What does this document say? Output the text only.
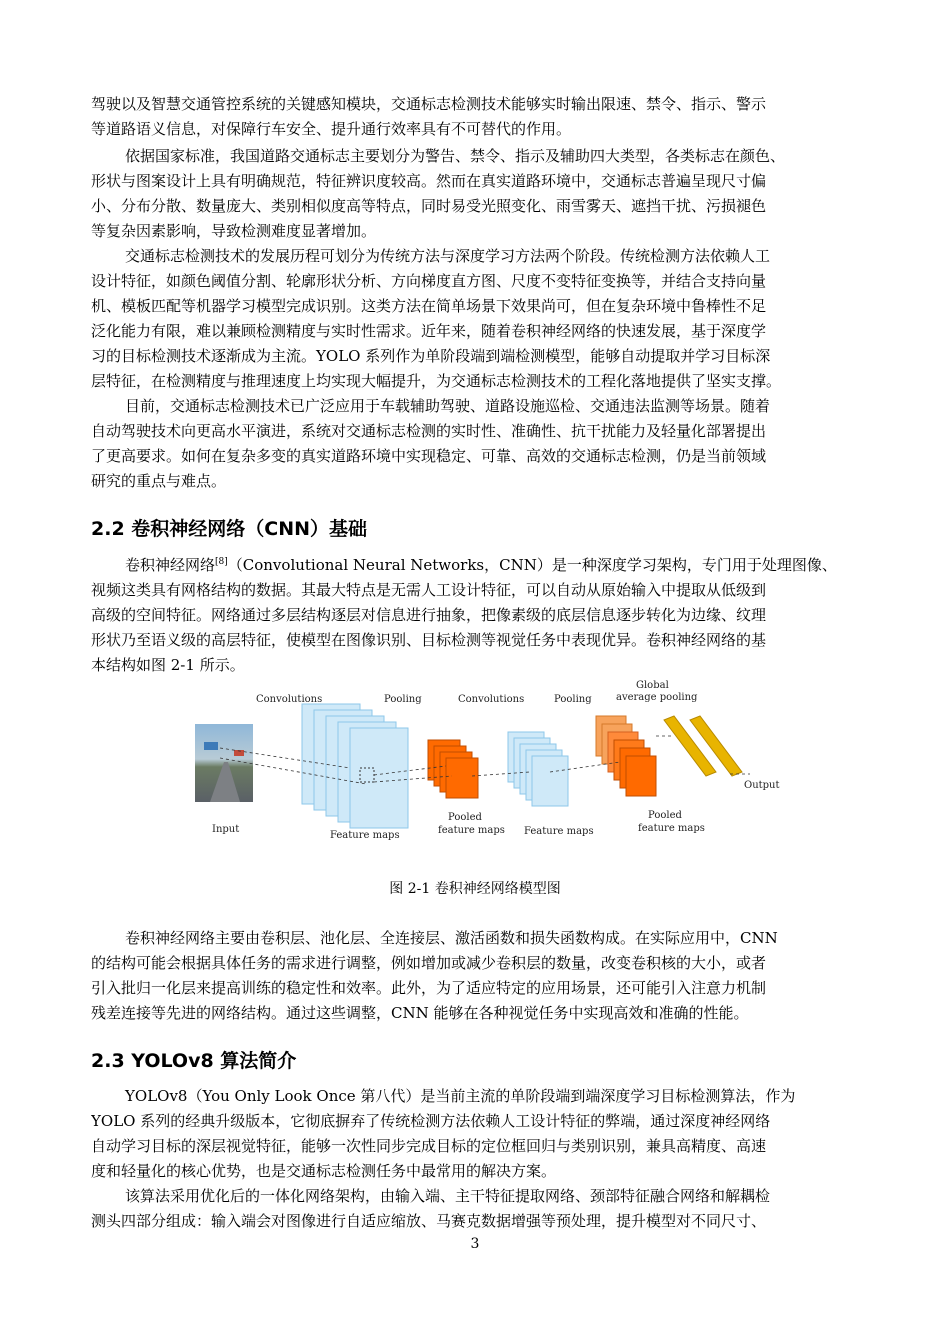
驾驶以及智慧交通管控系统的关键感知模块，交通标志检测技术能够实时输出限速、禁令、指示、警示
等道路语义信息，对保障行车安全、提升通行效率具有不可替代的作用。
依据国家标准，我国道路交通标志主要划分为警告、禁令、指示及辅助四大类型，各类标志在颜色、
形状与图案设计上具有明确规范，特征辨识度较高。然而在真实道路环境中，交通标志普遍呈现尺寸偏
小、分布分散、数量庞大、类别相似度高等特点，同时易受光照变化、雨雪雾天、遮挡干扰、污损褪色
等复杂因素影响，导致检测难度显著增加。
交通标志检测技术的发展历程可划分为传统方法与深度学习方法两个阶段。传统检测方法依赖人工
设计特征，如颜色阈值分割、轮廓形状分析、方向梯度直方图、尺度不变特征变换等，并结合支持向量
机、模板匹配等机器学习模型完成识别。这类方法在简单场景下效果尚可，但在复杂环境中鲁棒性不足
泛化能力有限，难以兼顾检测精度与实时性需求。近年来，随着卷积神经网络的快速发展，基于深度学
习的目标检测技术逐渐成为主流。YOLO 系列作为单阶段端到端检测模型，能够自动提取并学习目标深
层特征，在检测精度与推理速度上均实现大幅提升，为交通标志检测技术的工程化落地提供了坚实支撑。
目前，交通标志检测技术已广泛应用于车载辅助驾驶、道路设施巡检、交通违法监测等场景。随着
自动驾驶技术向更高水平演进，系统对交通标志检测的实时性、准确性、抗干扰能力及轻量化部署提出
了更高要求。如何在复杂多变的真实道路环境中实现稳定、可靠、高效的交通标志检测，仍是当前领域
研究的重点与难点。
2.2 卷积神经网络（CNN）基础
卷积神经网络[8]（Convolutional Neural Networks，CNN）是一种深度学习架构，专门用于处理图像、
视频这类具有网格结构的数据。其最大特点是无需人工设计特征，可以自动从原始输入中提取从低级到
高级的空间特征。网络通过多层结构逐层对信息进行抽象，把像素级的底层信息逐步转化为边缘、纹理
形状乃至语义级的高层特征，使模型在图像识别、目标检测等视觉任务中表现优异。卷积神经网络的基
本结构如图 2-1 所示。
Convolutions	Pooling	Convolutions	Pooling
Global
average pooling
Input
Feature maps
Pooled
feature maps Feature maps
Pooled
feature maps
Output
图 2-1 卷积神经网络模型图
卷积神经网络主要由卷积层、池化层、全连接层、激活函数和损失函数构成。在实际应用中，CNN
的结构可能会根据具体任务的需求进行调整，例如增加或减少卷积层的数量，改变卷积核的大小，或者
引入批归一化层来提高训练的稳定性和效率。此外，为了适应特定的应用场景，还可能引入注意力机制
残差连接等先进的网络结构。通过这些调整，CNN 能够在各种视觉任务中实现高效和准确的性能。
2.3 YOLOv8 算法简介
YOLOv8（You Only Look Once 第八代）是当前主流的单阶段端到端深度学习目标检测算法，作为
YOLO 系列的经典升级版本，它彻底摒弃了传统检测方法依赖人工设计特征的弊端，通过深度神经网络
自动学习目标的深层视觉特征，能够一次性同步完成目标的定位框回归与类别识别，兼具高精度、高速
度和轻量化的核心优势，也是交通标志检测任务中最常用的解决方案。
该算法采用优化后的一体化网络架构，由输入端、主干特征提取网络、颈部特征融合网络和解耦检
测头四部分组成：输入端会对图像进行自适应缩放、马赛克数据增强等预处理，提升模型对不同尺寸、
3
